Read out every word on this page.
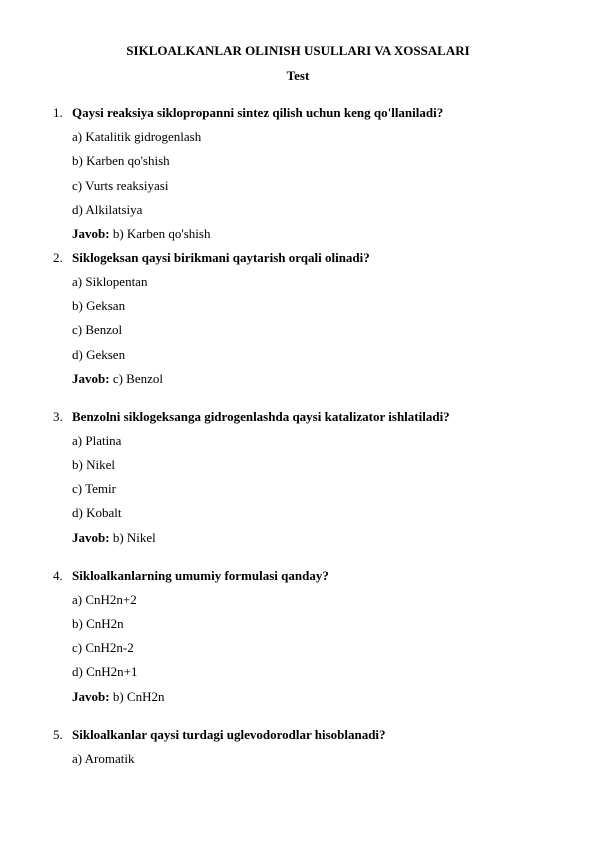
SIKLOALKANLAR OLINISH USULLARI VA XOSSALARI
Test
1. Qaysi reaksiya siklopropanni sintez qilish uchun keng qo'llaniladi?
a) Katalitik gidrogenlash
b) Karben qo'shish
c) Vurts reaksiyasi
d) Alkilatsiya
Javob: b) Karben qo'shish
2. Siklogeksan qaysi birikmani qaytarish orqali olinadi?
a) Siklopentan
b) Geksan
c) Benzol
d) Geksen
Javob: c) Benzol
3. Benzolni siklogeksanga gidrogenlashda qaysi katalizator ishlatiladi?
a) Platina
b) Nikel
c) Temir
d) Kobalt
Javob: b) Nikel
4. Sikloalkanlarning umumiy formulasi qanday?
a) CnH2n+2
b) CnH2n
c) CnH2n-2
d) CnH2n+1
Javob: b) CnH2n
5. Sikloalkanlar qaysi turdagi uglevodorodlar hisoblanadi?
a) Aromatik
